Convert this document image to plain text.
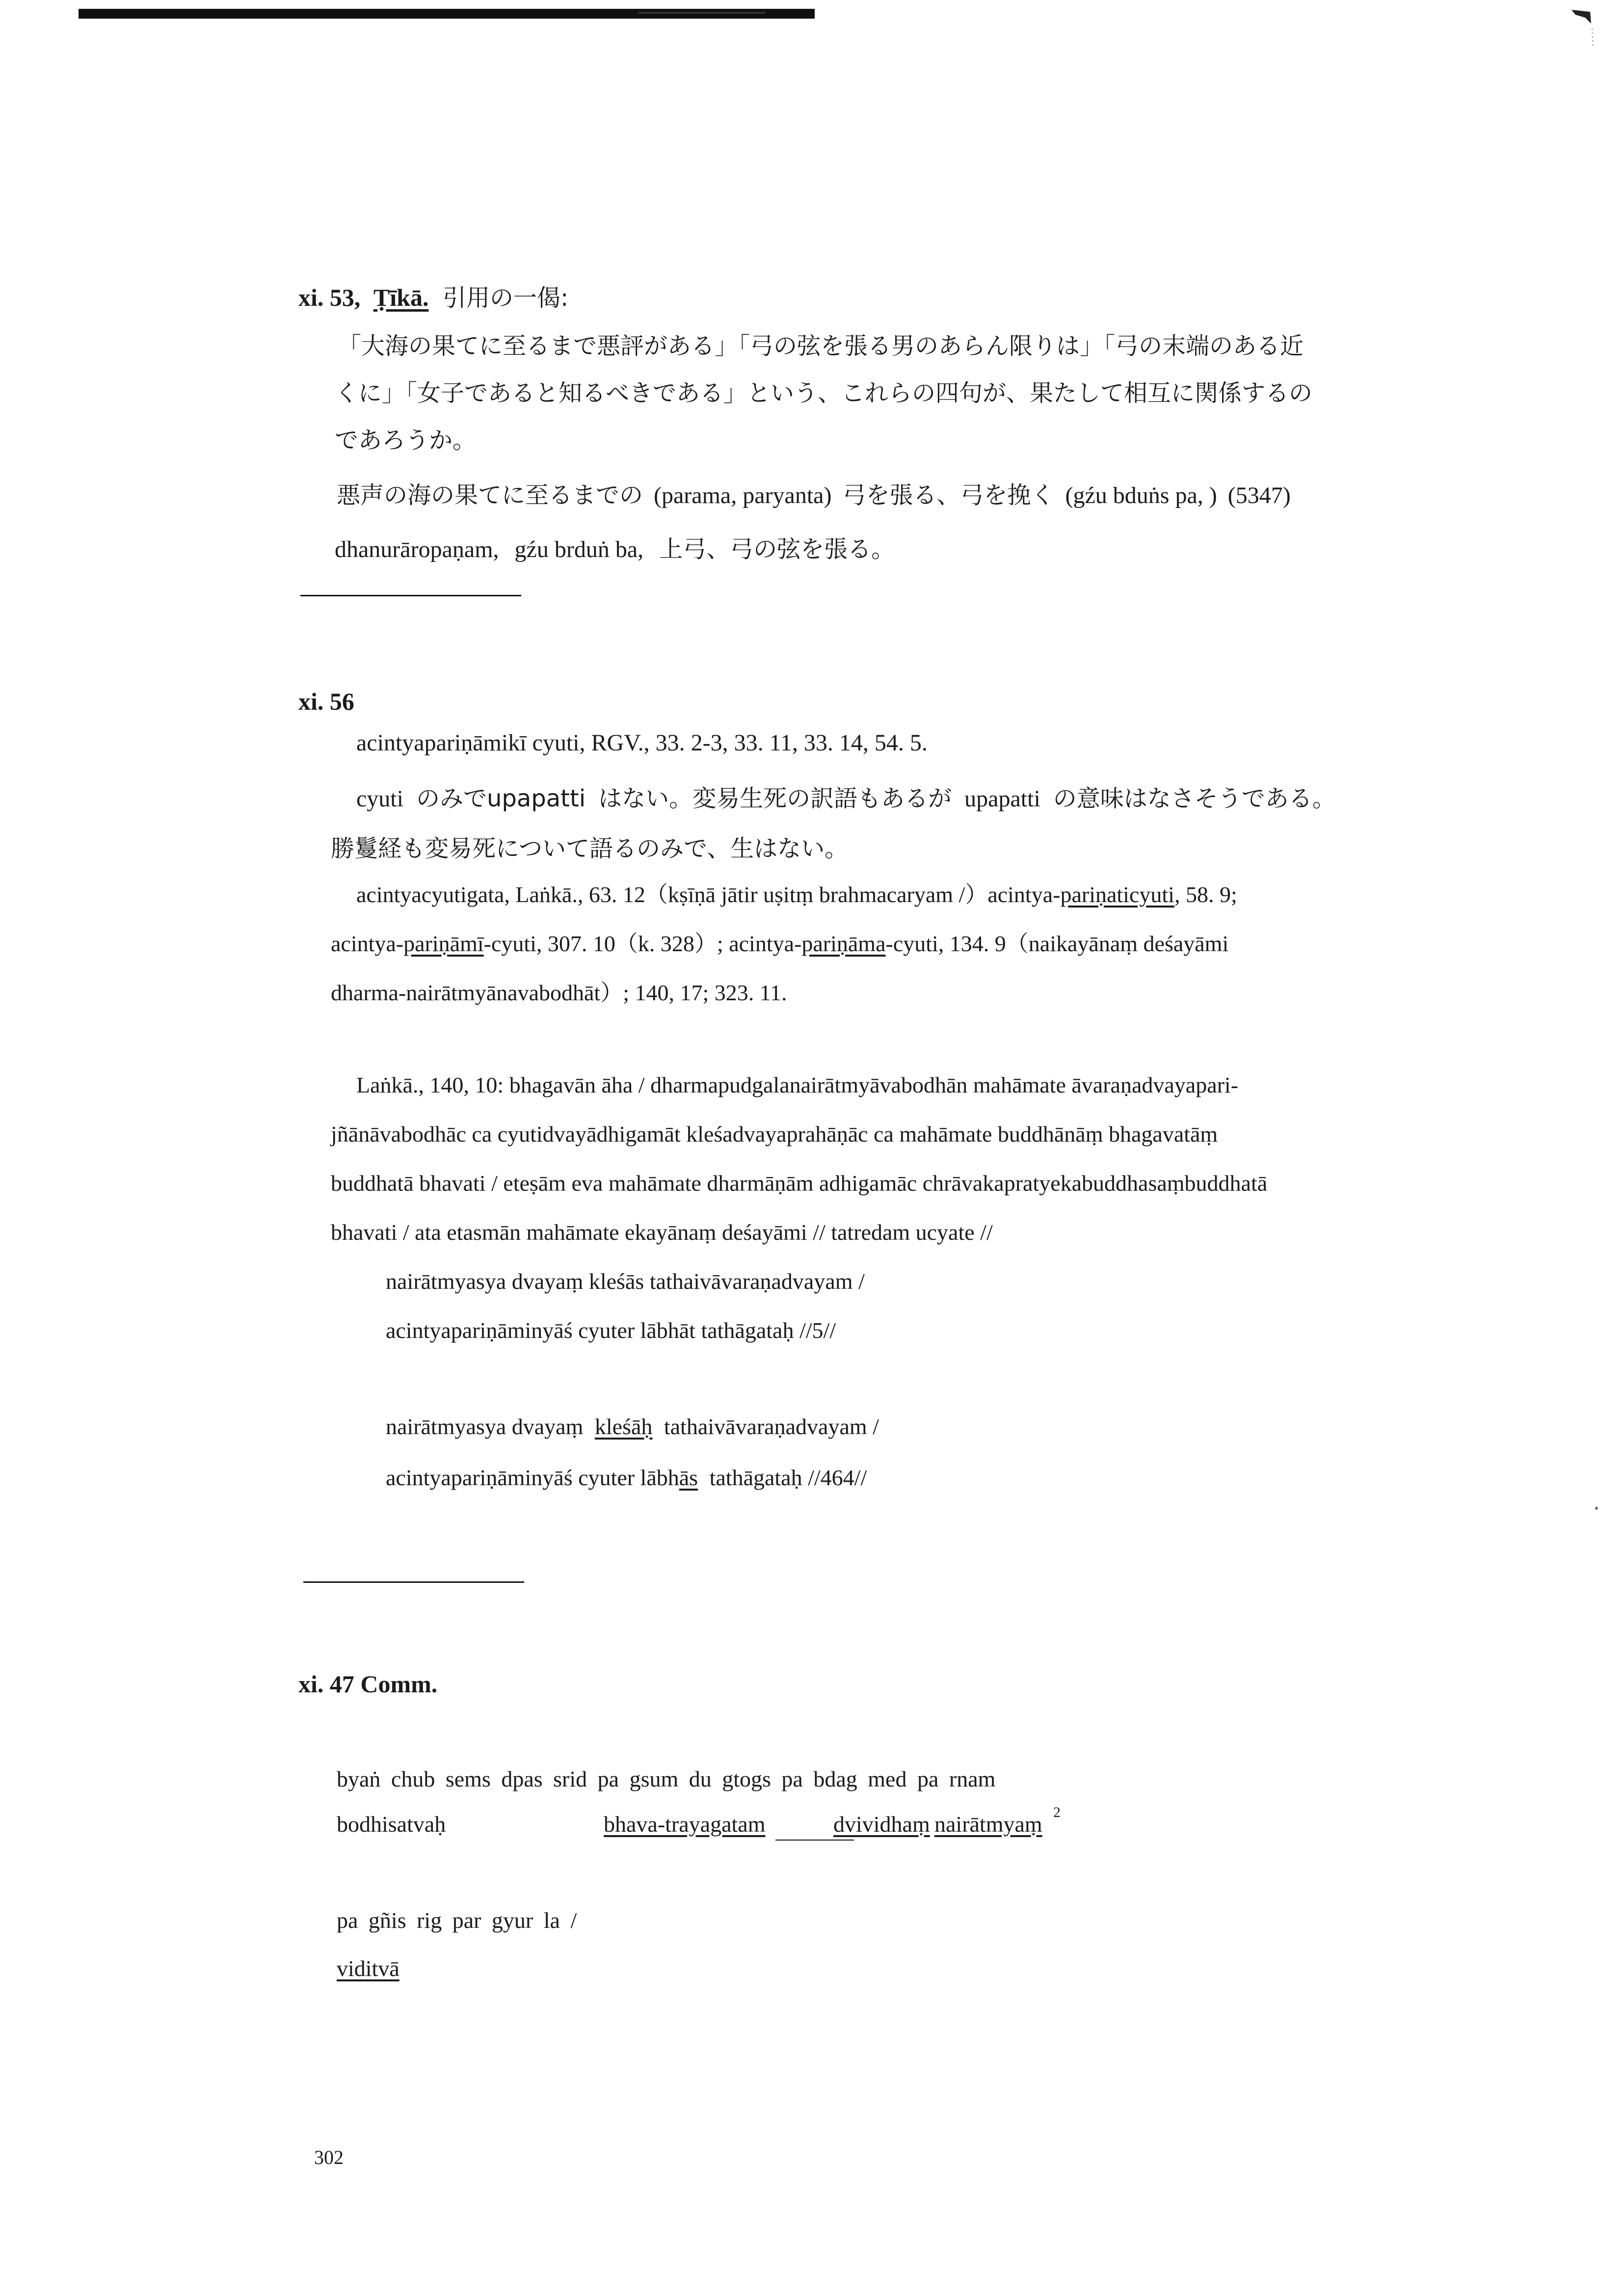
xi. 53, Ṭīkā. 引用の一偈:
「大海の果てに至るまで悪評がある」「弓の弦を張る男のあらん限りは」「弓の末端のある近
くに」「女子であると知るべきである」という、これらの四句が、果たして相互に関係するの
であろうか。
悪声の海の果てに至るまでの (parama, paryanta) 弓を張る、弓を挽く (gźu bduṅs pa, ) (5347)
dhanurāropaṇam, gźu brduṅ ba, 上弓、弓の弦を張る。
xi. 56
acintyapariṇāmikī cyuti, RGV., 33. 2-3, 33. 11, 33. 14, 54. 5.
cyuti のみでupapatti はない。変易生死の訳語もあるが upapatti の意味はなさそうである。
勝鬘経も変易死について語るのみで、生はない。
acintyacyutigata, Laṅkā., 63. 12（kṣīṇā jātir uṣitṃ brahmacaryam /）acintya-pariṇaticyuti, 58. 9;
acintya-pariṇāmī-cyuti, 307. 10（k. 328）; acintya-pariṇāma-cyuti, 134. 9（naikayānaṃ deśayāmi
dharma-nairātmyānavabodhāt）; 140, 17; 323. 11.
Laṅkā., 140, 10: bhagavān āha / dharmapudgalanairātmyāvabodhān mahāmate āvaraṇadvayapari-
jñānāvabodhāc ca cyutidvayādhigamāt kleśadvayaprahāṇāc ca mahāmate buddhānāṃ bhagavatāṃ
buddhatā bhavati / eteṣām eva mahāmate dharmāṇām adhigamāc chrāvakapratyekabuddhasaṃbuddhatā
bhavati / ata etasmān mahāmate ekayānaṃ deśayāmi // tatredam ucyate //
nairātmyasya dvayaṃ kleśās tathaivāvaraṇadvayam /
acintyapariṇāminyāś cyuter lābhāt tathāgataḥ //5//
nairātmyasya dvayaṃ kleśāḥ tathaivāvaraṇadvayam /
acintyapariṇāminyāś cyuter lābhās tathāgataḥ //464//
xi. 47 Comm.
byaṅ chub sems dpas srid pa gsum du gtogs pa bdag med pa rnam
bodhisatvaḥ	bhava-trayagatam	dvividhaṃ nairātmyaṃ 2
pa gñis rig par gyur la /
viditvā
302
